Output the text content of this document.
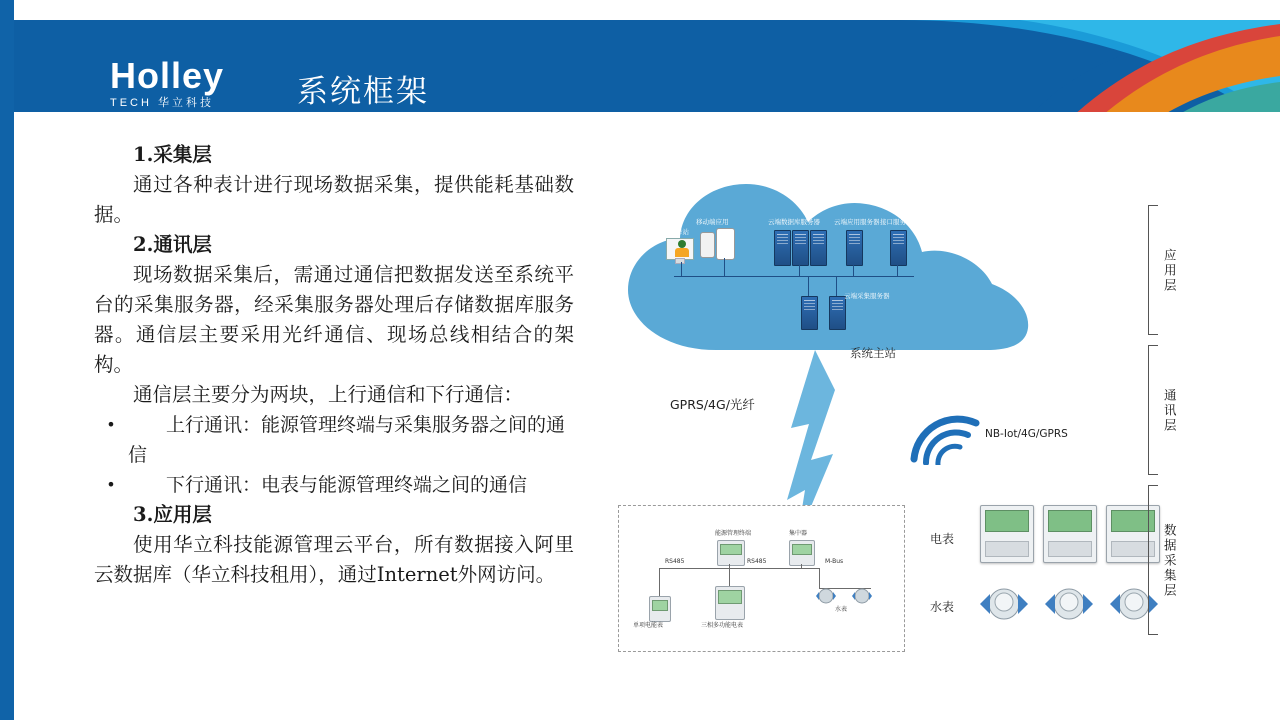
Holley
TECH 华立科技	系统框架

1.采集层

通过各种表计进行现场数据采集，提供能耗基础数据。

2.通讯层

现场数据采集后，需通过通信把数据发送至系统平台的采集服务器，经采集服务器处理后存储数据库服务器。通信层主要采用光纤通信、现场总线相结合的架构。

通信层主要分为两块，上行通信和下行通信：

•	上行通讯：能源管理终端与采集服务器之间的通信
•	下行通讯：电表与能源管理终端之间的通信

3.应用层

使用华立科技能源管理云平台，所有数据接入阿里云数据库（华立科技租用），通过Internet外网访问。

管理员工作站
移动端应用	云端数据库服务器 云端应用服务器 接口服务
云端采集服务器
系统主站
GPRS/4G/光纤
NB-Iot/4G/GPRS
能源管理终端	集中器
RS485	RS485	M-Bus
单项电能表	三相多功能电表
水表
电表
水表
应
用
层
通
讯
层
数
据
采
集
层
